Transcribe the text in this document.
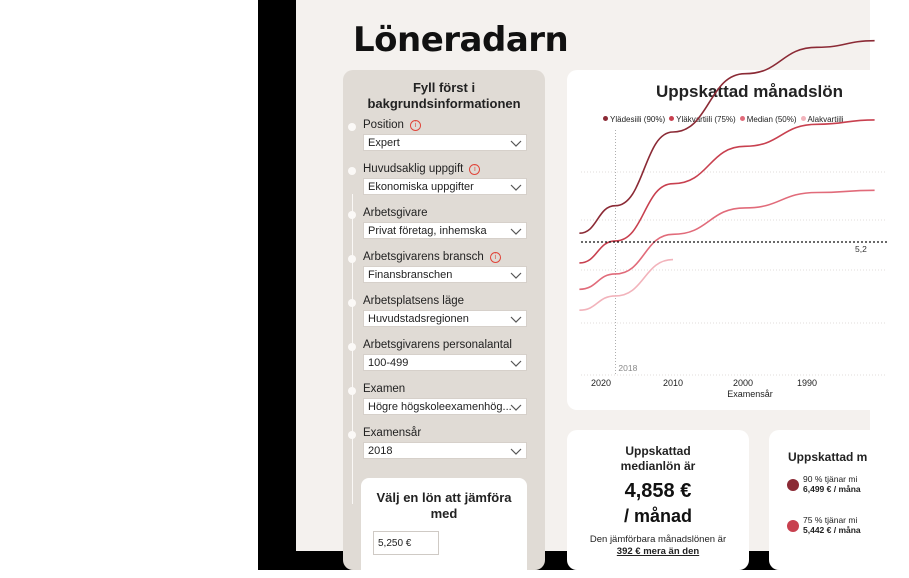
Löneradarn
Fyll först i
bakgrundsinformationen
Position i
Expert
Huvudsaklig uppgift i
Ekonomiska uppgifter
Arbetsgivare
Privat företag, inhemska
Arbetsgivarens bransch i
Finansbranschen
Arbetsplatsens läge
Huvudstadsregionen
Arbetsgivarens personalantal
100-499
Examen
Högre högskoleexamenhög...
Examensår
2018
Välj en lön att jämföra
med
5,250 €
Uppskattad månadslön
Ylädesiili (90%) Yläkvartiili (75%) Median (50%) Alakvartiili
2018
5,2
2020	2010	2000	1990
Examensår
Uppskattad
medianlön är
4,858 €
/ månad
Den jämförbara månadslönen är
392 € mera än den
Uppskattad m
90 % tjänar mi
6,499 € / måna
75 % tjänar mi
5,442 € / måna
